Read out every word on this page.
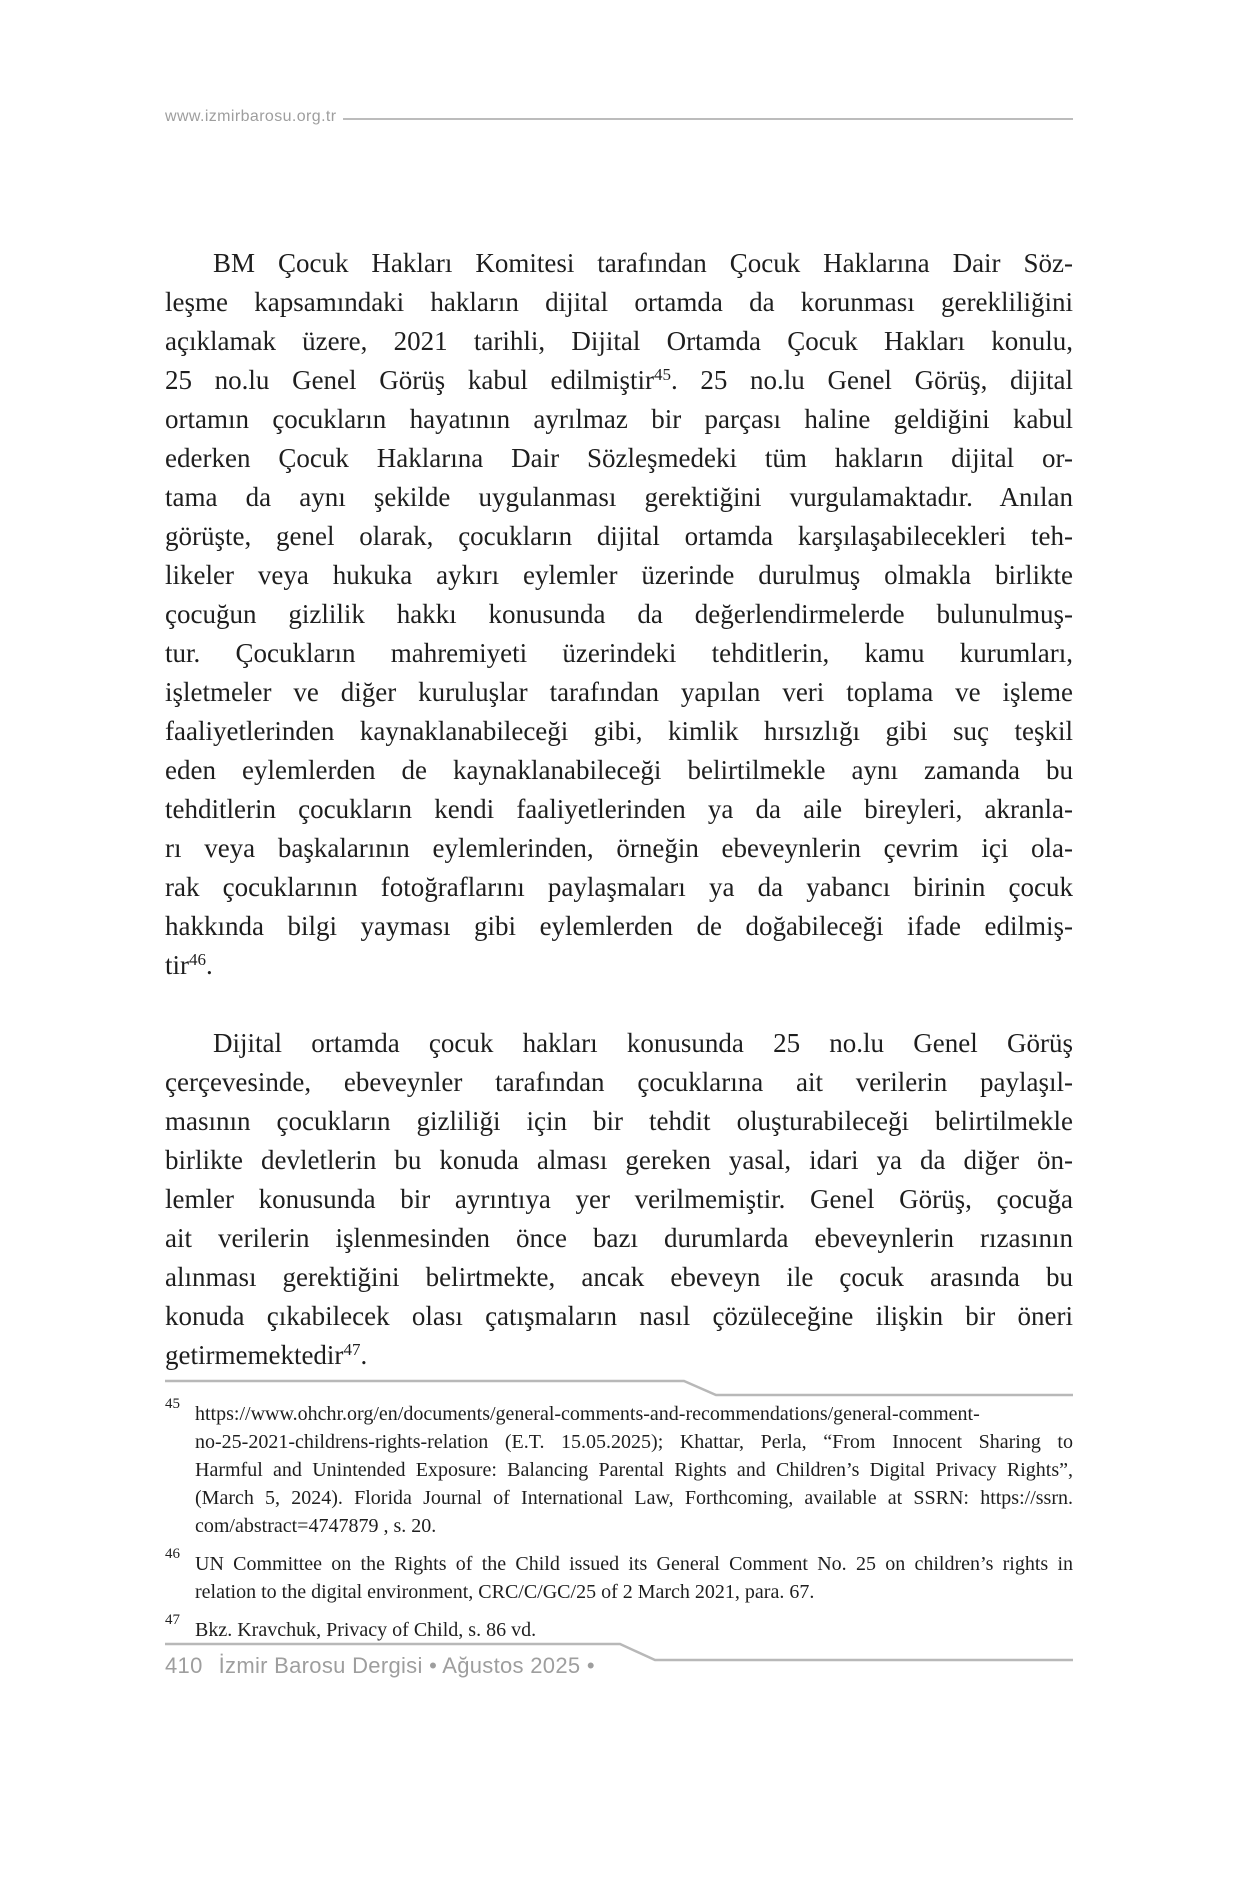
www.izmirbarosu.org.tr
BM Çocuk Hakları Komitesi tarafından Çocuk Haklarına Dair Söz-
leşme kapsamındaki hakların dijital ortamda da korunması gerekliliğini
açıklamak üzere, 2021 tarihli, Dijital Ortamda Çocuk Hakları konulu,
25 no.lu Genel Görüş kabul edilmiştir$^{45}$. 25 no.lu Genel Görüş, dijital
ortamın çocukların hayatının ayrılmaz bir parçası haline geldiğini kabul
ederken Çocuk Haklarına Dair Sözleşmedeki tüm hakların dijital or-
tama da aynı şekilde uygulanması gerektiğini vurgulamaktadır. Anılan
görüşte, genel olarak, çocukların dijital ortamda karşılaşabilecekleri teh-
likeler veya hukuka aykırı eylemler üzerinde durulmuş olmakla birlikte
çocuğun gizlilik hakkı konusunda da değerlendirmelerde bulunulmuş-
tur. Çocukların mahremiyeti üzerindeki tehditlerin, kamu kurumları,
işletmeler ve diğer kuruluşlar tarafından yapılan veri toplama ve işleme
faaliyetlerinden kaynaklanabileceği gibi, kimlik hırsızlığı gibi suç teşkil
eden eylemlerden de kaynaklanabileceği belirtilmekle aynı zamanda bu
tehditlerin çocukların kendi faaliyetlerinden ya da aile bireyleri, akranla-
rı veya başkalarının eylemlerinden, örneğin ebeveynlerin çevrim içi ola-
rak çocuklarının fotoğraflarını paylaşmaları ya da yabancı birinin çocuk
hakkında bilgi yayması gibi eylemlerden de doğabileceği ifade edilmiş-
tir$^{46}$.
Dijital ortamda çocuk hakları konusunda 25 no.lu Genel Görüş
çerçevesinde, ebeveynler tarafından çocuklarına ait verilerin paylaşıl-
masının çocukların gizliliği için bir tehdit oluşturabileceği belirtilmekle
birlikte devletlerin bu konuda alması gereken yasal, idari ya da diğer ön-
lemler konusunda bir ayrıntıya yer verilmemiştir. Genel Görüş, çocuğa
ait verilerin işlenmesinden önce bazı durumlarda ebeveynlerin rızasının
alınması gerektiğini belirtmekte, ancak ebeveyn ile çocuk arasında bu
konuda çıkabilecek olası çatışmaların nasıl çözüleceğine ilişkin bir öneri
getirmemektedir$^{47}$.
45 https://www.ohchr.org/en/documents/general-comments-and-recommendations/general-comment-
no-25-2021-childrens-rights-relation (E.T. 15.05.2025); Khattar, Perla, “From Innocent Sharing to
Harmful and Unintended Exposure: Balancing Parental Rights and Children’s Digital Privacy Rights”,
(March 5, 2024). Florida Journal of International Law, Forthcoming, available at SSRN: https://ssrn.
com/abstract=4747879 , s. 20.
46 UN Committee on the Rights of the Child issued its General Comment No. 25 on children’s rights in
relation to the digital environment, CRC/C/GC/25 of 2 March 2021, para. 67.
47 Bkz. Kravchuk, Privacy of Child, s. 86 vd.
410 İzmir Barosu Dergisi • Ağustos 2025 •
